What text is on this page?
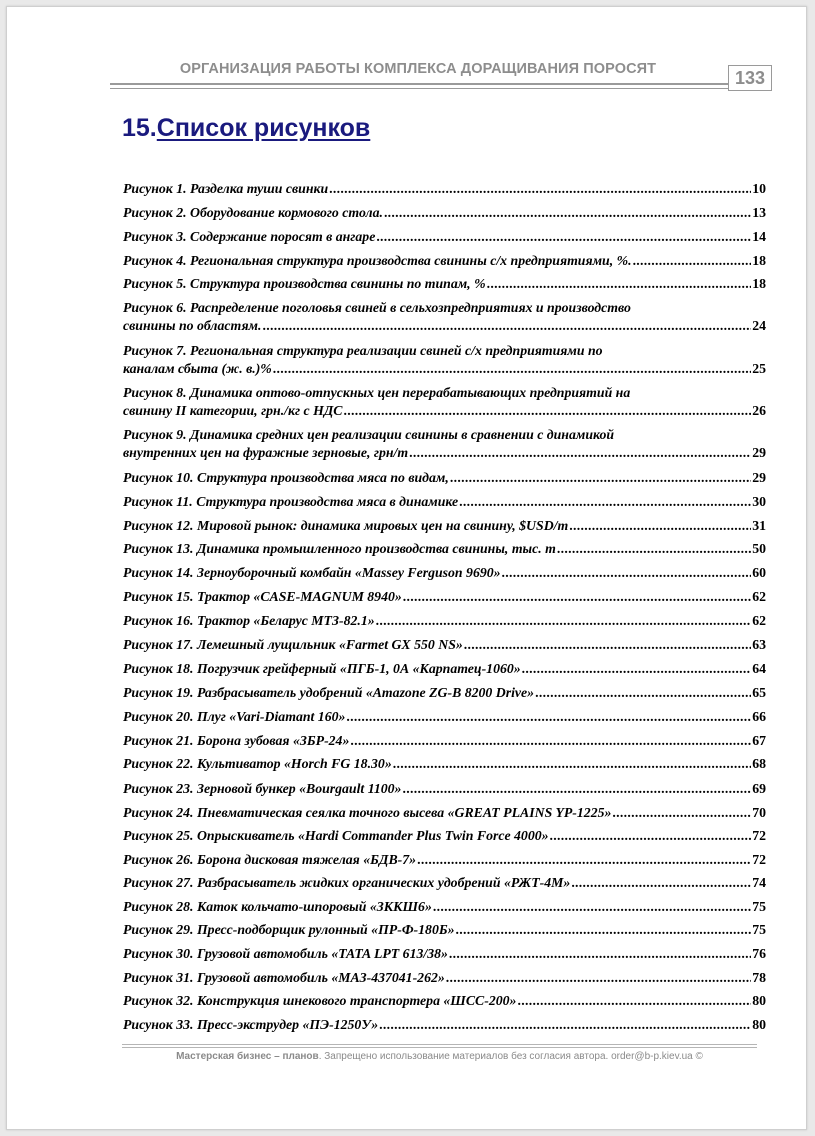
ОРГАНИЗАЦИЯ РАБОТЫ КОМПЛЕКСА ДОРАЩИВАНИЯ ПОРОСЯТ	133
15.Список рисунков
Рисунок 1. Разделка туши свинки .....	10
Рисунок 2. Оборудование кормового стола. .....	13
Рисунок 3. Содержание поросят в ангаре .....	14
Рисунок 4. Региональная структура производства свинины с/х предприятиями, %. .....	18
Рисунок 5. Структура производства свинины по типам, % .....	18
Рисунок 6. Распределение поголовья свиней в сельхозпредприятиях и производство
свинины по областям. .....	24
Рисунок 7. Региональная структура реализации свиней с/х предприятиями по
каналам сбыта (ж. в.)% .....	25
Рисунок 8. Динамика оптово-отпускных цен перерабатывающих предприятий на
свинину II категории, грн./кг с НДС .....	26
Рисунок 9. Динамика средних цен реализации свинины в сравнении с динамикой
внутренних цен на фуражные зерновые, грн/т .....	29
Рисунок 10. Структура производства мяса по видам, .....	29
Рисунок 11. Структура производства мяса в динамике .....	30
Рисунок 12. Мировой рынок: динамика мировых цен на свинину, $USD/т .....	31
Рисунок 13. Динамика промышленного производства свинины, тыс. т .....	50
Рисунок 14. Зерноуборочный комбайн «Massey Ferguson 9690» .....	60
Рисунок 15. Трактор «CASE-MAGNUM 8940» .....	62
Рисунок 16. Трактор «Беларус МТЗ-82.1» .....	62
Рисунок 17. Лемешный лущильник «Farmet GX 550 NS» .....	63
Рисунок 18. Погрузчик грейферный «ПГБ-1, 0А «Карпатец-1060» .....	64
Рисунок 19. Разбрасыватель удобрений «Amazone ZG-B 8200 Drive» .....	65
Рисунок 20. Плуг «Vari-Diamant 160» .....	66
Рисунок 21. Борона зубовая «ЗБР-24» .....	67
Рисунок 22. Культиватор «Horch FG 18.30» .....	68
Рисунок 23. Зерновой бункер «Bourgault 1100» .....	69
Рисунок 24. Пневматическая сеялка точного высева «GREAT PLAINS YP-1225» .....	70
Рисунок 25. Опрыскиватель «Hardi Commander Plus Twin Force 4000» .....	72
Рисунок 26. Борона дисковая тяжелая «БДВ-7» .....	72
Рисунок 27. Разбрасыватель жидких органических удобрений «РЖТ-4М» .....	74
Рисунок 28. Каток кольчато-шпоровый «ЗККШ6» .....	75
Рисунок 29. Пресс-подборщик рулонный «ПР-Ф-180Б» .....	75
Рисунок 30. Грузовой автомобиль «TATA LPT 613/38» .....	76
Рисунок 31. Грузовой автомобиль «МАЗ-437041-262» .....	78
Рисунок 32. Конструкция шнекового транспортера «ШСС-200» .....	80
Рисунок 33. Пресс-экструдер «ПЭ-1250У» .....	80
Мастерская бизнес – планов. Запрещено использование материалов без согласия автора. order@b-p.kiev.ua ©
